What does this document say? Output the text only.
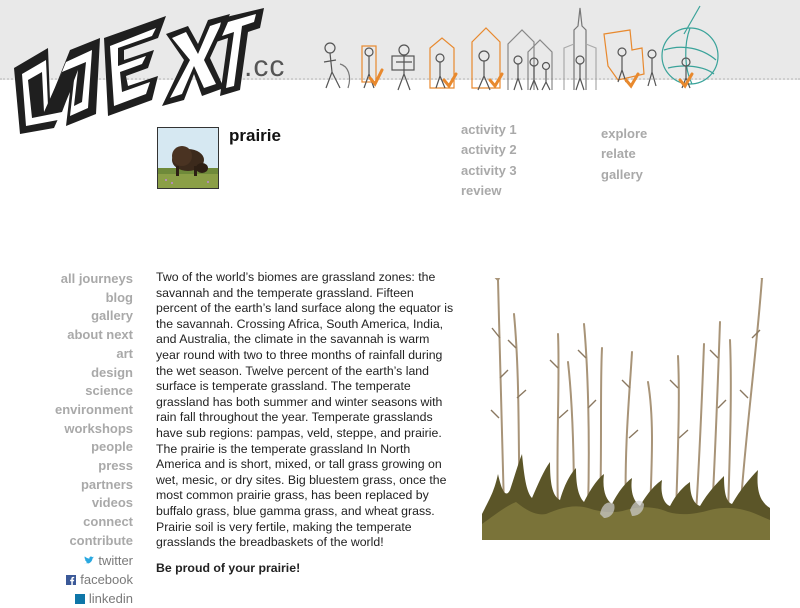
.cc
prairie	activity 1
activity 2
activity 3
review
explore
relate
gallery
all journeys
blog
gallery
about next
art
design
science
environment
workshops
people
press
partners
videos
connect
contribute
twitter
facebook
linkedin

Two of the world’s biomes are grassland zones: the savannah and the temperate grassland. Fifteen percent of the earth’s land surface along the equator is the savannah. Crossing Africa, South America, India, and Australia, the climate in the savannah is warm year round with two to three months of rainfall during the wet season. Twelve percent of the earth’s land surface is temperate grassland. The temperate grassland has both summer and winter seasons with rain fall throughout the year. Temperate grasslands have sub regions: pampas, veld, steppe, and prairie. The prairie is the temperate grassland In North America and is short, mixed, or tall grass growing on wet, mesic, or dry sites. Big bluestem grass, once the most common prairie grass, has been replaced by buffalo grass, blue gamma grass, and wheat grass. Prairie soil is very fertile, making the temperate grasslands the breadbaskets of the world!

Be proud of your prairie!
